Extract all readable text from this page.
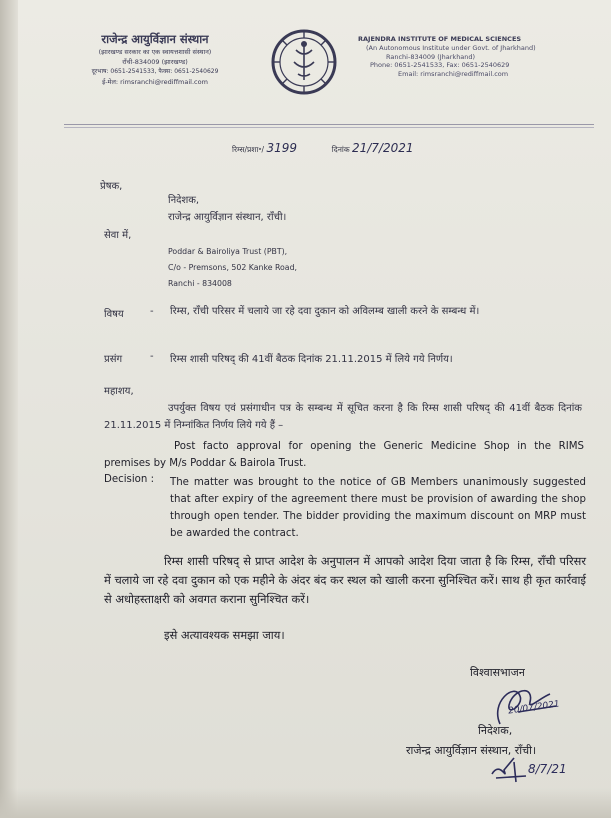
राजेन्द्र आयुर्विज्ञान संस्थान
(झारखण्ड सरकार का एक स्वायत्तशासी संस्थान)
राँची-834009 (झारखण्ड)
दूरभाष: 0651-2541533, फैक्स: 0651-2540629
ई-मेल: rimsranchi@rediffmail.com
RAJENDRA INSTITUTE OF MEDICAL SCIENCES
(An Autonomous Institute under Govt. of Jharkhand)
Ranchi-834009 (Jharkhand)
Phone: 0651-2541533, Fax: 0651-2540629
Email: rimsranchi@rediffmail.com
रिम्स/प्रशा॰/ 3199	दिनांक 21/7/2021
प्रेषक,
निदेशक,
राजेन्द्र आयुर्विज्ञान संस्थान, राँची।
सेवा में,
Poddar & Bairoliya Trust (PBT),
C/o - Premsons, 502 Kanke Road,
Ranchi - 834008
विषय	- रिम्स, राँची परिसर में चलाये जा रहे दवा दुकान को अविलम्ब खाली करने के सम्बन्ध में।
प्रसंग	- रिम्स शासी परिषद् की 41वीं बैठक दिनांक 21.11.2015 में लिये गये निर्णय।
महाशय,
उपर्युक्त विषय एवं प्रसंगाधीन पत्र के सम्बन्ध में सूचित करना है कि रिम्स शासी परिषद् की 41वीं बैठक दिनांक 21.11.2015 में निम्नांकित निर्णय लिये गये हैं –
Post facto approval for opening the Generic Medicine Shop in the RIMS premises by M/s Poddar & Bairola Trust.
Decision : The matter was brought to the notice of GB Members unanimously suggested that after expiry of the agreement there must be provision of awarding the shop through open tender. The bidder providing the maximum discount on MRP must be awarded the contract.
रिम्स शासी परिषद् से प्राप्त आदेश के अनुपालन में आपको आदेश दिया जाता है कि रिम्स, राँची परिसर में चलाये जा रहे दवा दुकान को एक महीने के अंदर बंद कर स्थल को खाली करना सुनिश्चित करें। साथ ही कृत कार्रवाई से अधोहस्ताक्षरी को अवगत कराना सुनिश्चित करें।
इसे अत्यावश्यक समझा जाय।
विश्वासभाजन
20/07/2021
निदेशक,
राजेन्द्र आयुर्विज्ञान संस्थान, राँची।
8/7/21
